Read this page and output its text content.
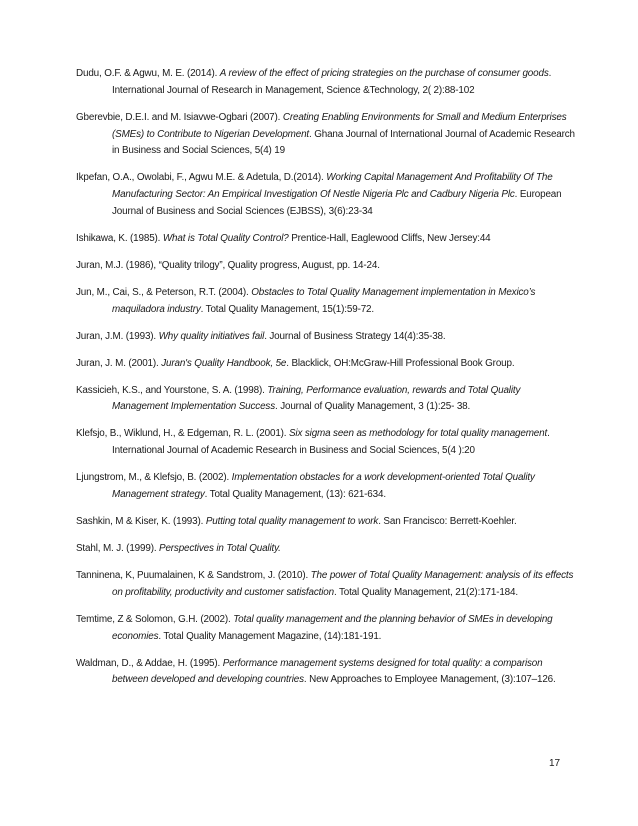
Dudu, O.F. & Agwu, M. E. (2014). A review of the effect of pricing strategies on the purchase of consumer goods. International Journal of Research in Management, Science &Technology, 2( 2):88-102

Gberevbie, D.E.I. and M. Isiavwe-Ogbari (2007). Creating Enabling Environments for Small and Medium Enterprises (SMEs) to Contribute to Nigerian Development. Ghana Journal of International Journal of Academic Research in Business and Social Sciences, 5(4) 19

Ikpefan, O.A., Owolabi, F., Agwu M.E. & Adetula, D.(2014). Working Capital Management And Profitability Of The Manufacturing Sector: An Empirical Investigation Of Nestle Nigeria Plc and Cadbury Nigeria Plc. European Journal of Business and Social Sciences (EJBSS), 3(6):23-34

Ishikawa, K. (1985). What is Total Quality Control? Prentice-Hall, Eaglewood Cliffs, New Jersey:44

Juran, M.J. (1986), “Quality trilogy”, Quality progress, August, pp. 14-24.

Jun, M., Cai, S., & Peterson, R.T. (2004). Obstacles to Total Quality Management implementation in Mexico’s maquiladora industry. Total Quality Management, 15(1):59-72.

Juran, J.M. (1993). Why quality initiatives fail. Journal of Business Strategy 14(4):35-38.

Juran, J. M. (2001). Juran's Quality Handbook, 5e. Blacklick, OH:McGraw-Hill Professional Book Group.

Kassicieh, K.S., and Yourstone, S. A. (1998). Training, Performance evaluation, rewards and Total Quality Management Implementation Success. Journal of Quality Management, 3 (1):25- 38.

Klefsjo, B., Wiklund, H., & Edgeman, R. L. (2001). Six sigma seen as methodology for total quality management. International Journal of Academic Research in Business and Social Sciences, 5(4 ):20

Ljungstrom, M., & Klefsjo, B. (2002). Implementation obstacles for a work development-oriented Total Quality Management strategy. Total Quality Management, (13): 621-634.

Sashkin, M & Kiser, K. (1993). Putting total quality management to work. San Francisco: Berrett-Koehler.

Stahl, M. J. (1999). Perspectives in Total Quality.

Tanninena, K, Puumalainen, K & Sandstrom, J. (2010). The power of Total Quality Management: analysis of its effects on profitability, productivity and customer satisfaction. Total Quality Management, 21(2):171-184.

Temtime, Z & Solomon, G.H. (2002). Total quality management and the planning behavior of SMEs in developing economies. Total Quality Management Magazine, (14):181-191.

Waldman, D., & Addae, H. (1995). Performance management systems designed for total quality: a comparison between developed and developing countries. New Approaches to Employee Management, (3):107–126.

17
